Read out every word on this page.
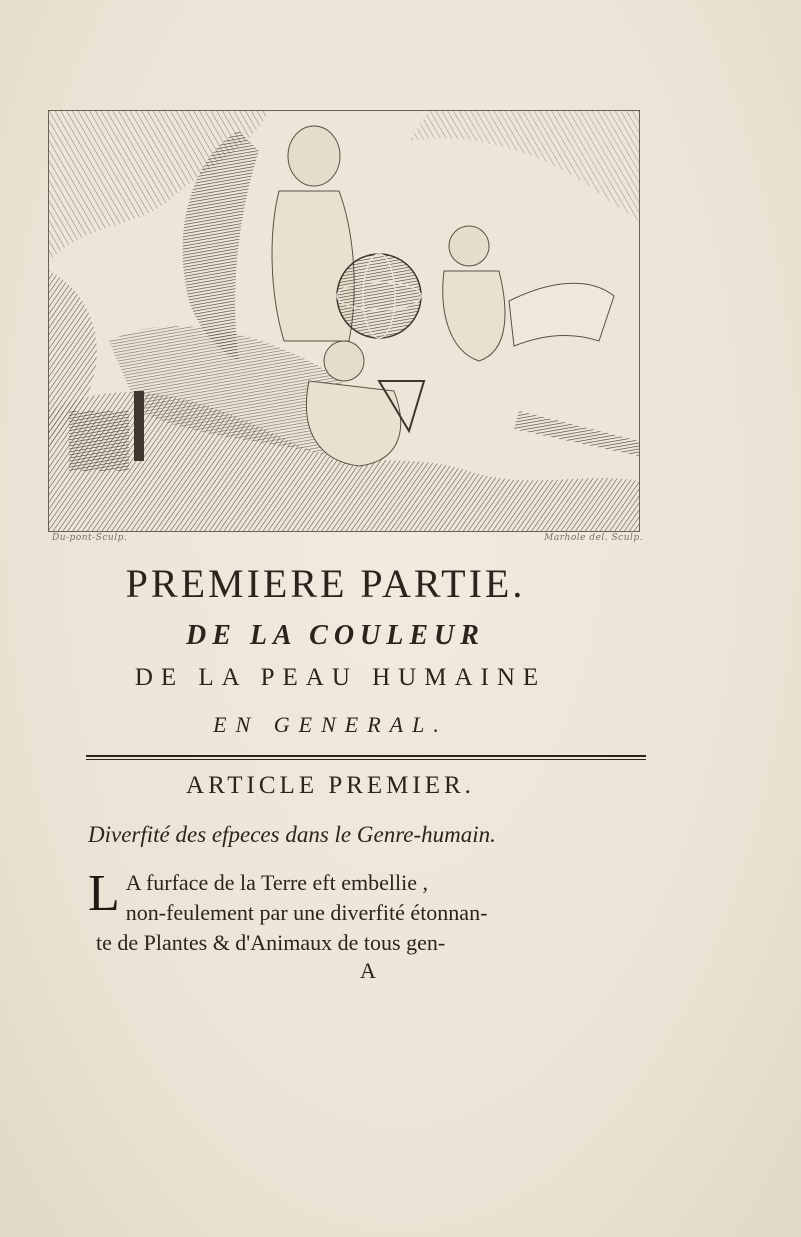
Du-pont-Sculp.	Marhole del. Sculp.
PREMIERE PARTIE.
DE LA COULEUR
DE LA PEAU HUMAINE
EN GENERAL.
ARTICLE PREMIER.
Diverfité des efpeces dans le Genre-humain.
L A furface de la Terre eft embellie ,
non-feulement par une diverfité étonnan-
te de Plantes & d'Animaux de tous gen-
A
